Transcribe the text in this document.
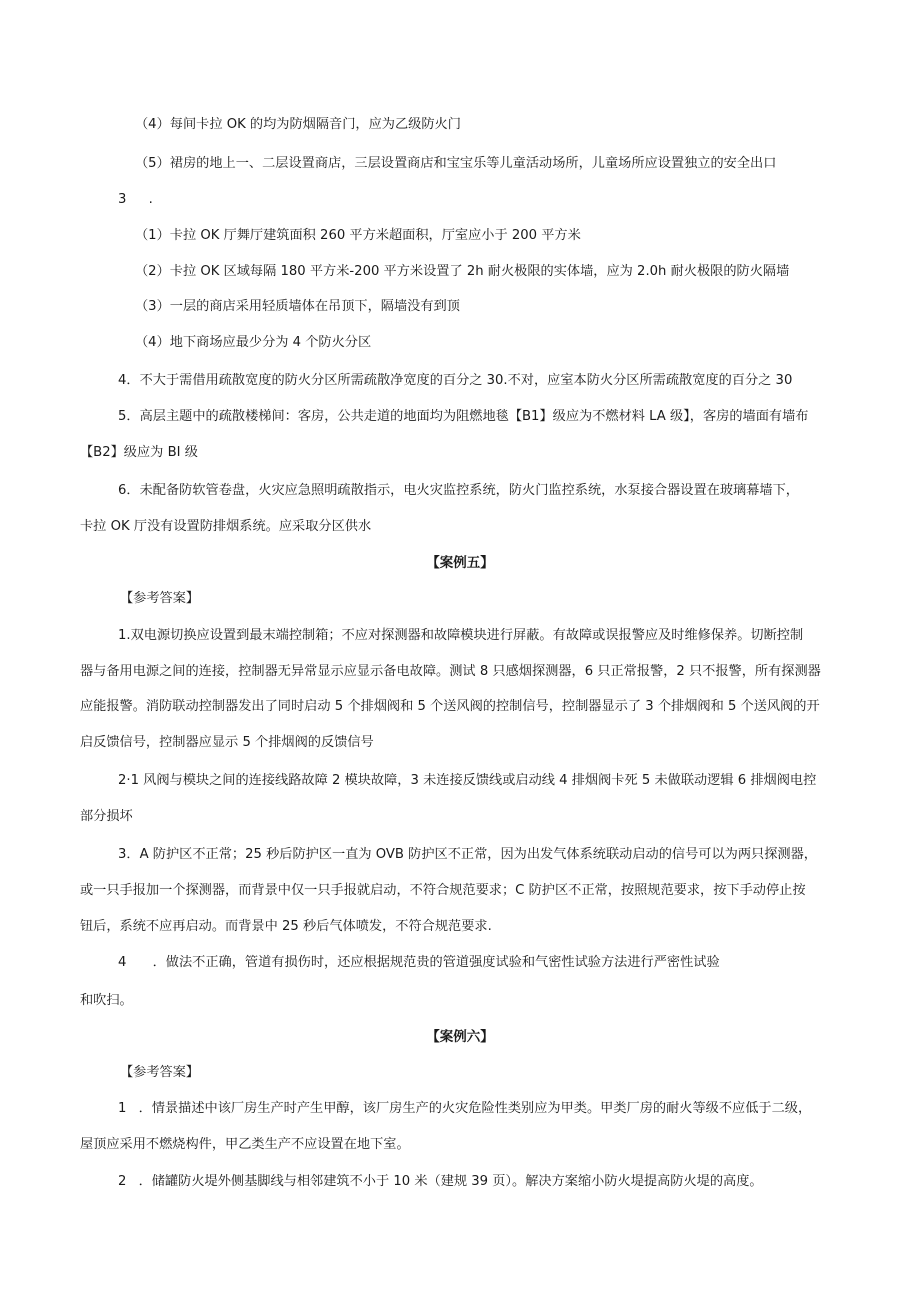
（4）每间卡拉 OK 的均为防烟隔音门，应为乙级防火门

（5）裙房的地上一、二层设置商店，三层设置商店和宝宝乐等儿童活动场所，儿童场所应设置独立的安全出口

3 .

（1）卡拉 OK 厅舞厅建筑面积 260 平方米超面积，厅室应小于 200 平方米

（2）卡拉 OK 区域每隔 180 平方米-200 平方米设置了 2h 耐火极限的实体墙，应为 2.0h 耐火极限的防火隔墙

（3）一层的商店采用轻质墙体在吊顶下，隔墙没有到顶

（4）地下商场应最少分为 4 个防火分区

4．不大于需借用疏散宽度的防火分区所需疏散净宽度的百分之 30.不对，应室本防火分区所需疏散宽度的百分之 30

5．高层主题中的疏散楼梯间：客房，公共走道的地面均为阻燃地毯【B1】级应为不燃材料 LA 级】，客房的墙面有墙布

【B2】级应为 BI 级

6．未配备防软管卷盘，火灾应急照明疏散指示，电火灾监控系统，防火门监控系统，水泵接合器设置在玻璃幕墙下，

卡拉 OK 厅没有设置防排烟系统。应采取分区供水

【案例五】

【参考答案】

1.双电源切换应设置到最末端控制箱；不应对探测器和故障模块进行屏蔽。有故障或误报警应及时维修保养。切断控制

器与备用电源之间的连接，控制器无异常显示应显示备电故障。测试 8 只感烟探测器，6 只正常报警，2 只不报警，所有探测器

应能报警。消防联动控制器发出了同时启动 5 个排烟阀和 5 个送风阀的控制信号，控制器显示了 3 个排烟阀和 5 个送风阀的开

启反馈信号，控制器应显示 5 个排烟阀的反馈信号

2·1 风阀与模块之间的连接线路故障 2 模块故障，3 未连接反馈线或启动线 4 排烟阀卡死 5 未做联动逻辑 6 排烟阀电控

部分损坏

3．A 防护区不正常；25 秒后防护区一直为 OVB 防护区不正常，因为出发气体系统联动启动的信号可以为两只探测器，

或一只手报加一个探测器，而背景中仅一只手报就启动，不符合规范要求；C 防护区不正常，按照规范要求，按下手动停止按

钮后，系统不应再启动。而背景中 25 秒后气体喷发，不符合规范要求.

4 ．做法不正确，管道有损伤时，还应根据规范贵的管道强度试验和气密性试验方法进行严密性试验

和吹扫。

【案例六】

【参考答案】

1 ．情景描述中该厂房生产时产生甲醇，该厂房生产的火灾危险性类别应为甲类。甲类厂房的耐火等级不应低于二级，

屋顶应采用不燃烧构件，甲乙类生产不应设置在地下室。

2 ．储罐防火堤外侧基脚线与相邻建筑不小于 10 米（建规 39 页）。解决方案缩小防火堤提高防火堤的高度。
